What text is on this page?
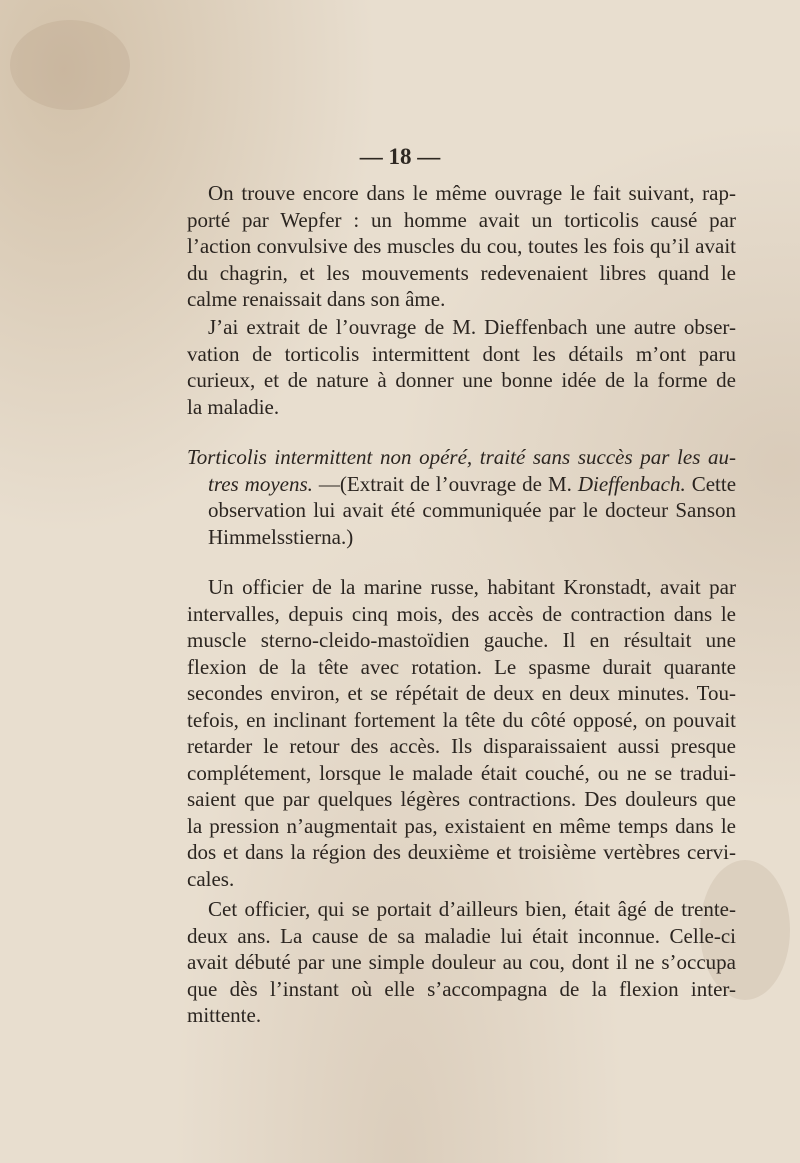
— 18 —
On trouve encore dans le même ouvrage le fait suivant, rap-
porté par Wepfer : un homme avait un torticolis causé par
l’action convulsive des muscles du cou, toutes les fois qu’il avait
du chagrin, et les mouvements redevenaient libres quand le
calme renaissait dans son âme.
J’ai extrait de l’ouvrage de M. Dieffenbach une autre obser-
vation de torticolis intermittent dont les détails m’ont paru
curieux, et de nature à donner une bonne idée de la forme de
la maladie.
Torticolis intermittent non opéré, traité sans succès par les au-
tres moyens. —(Extrait de l’ouvrage de M. Dieffenbach. Cette
observation lui avait été communiquée par le docteur Sanson
Himmelsstierna.)
Un officier de la marine russe, habitant Kronstadt, avait par
intervalles, depuis cinq mois, des accès de contraction dans le
muscle sterno-cleido-mastoïdien gauche. Il en résultait une
flexion de la tête avec rotation. Le spasme durait quarante
secondes environ, et se répétait de deux en deux minutes. Tou-
tefois, en inclinant fortement la tête du côté opposé, on pouvait
retarder le retour des accès. Ils disparaissaient aussi presque
complétement, lorsque le malade était couché, ou ne se tradui-
saient que par quelques légères contractions. Des douleurs que
la pression n’augmentait pas, existaient en même temps dans le
dos et dans la région des deuxième et troisième vertèbres cervi-
cales.
Cet officier, qui se portait d’ailleurs bien, était âgé de trente-
deux ans. La cause de sa maladie lui était inconnue. Celle-ci
avait débuté par une simple douleur au cou, dont il ne s’occupa
que dès l’instant où elle s’accompagna de la flexion inter-
mittente.
